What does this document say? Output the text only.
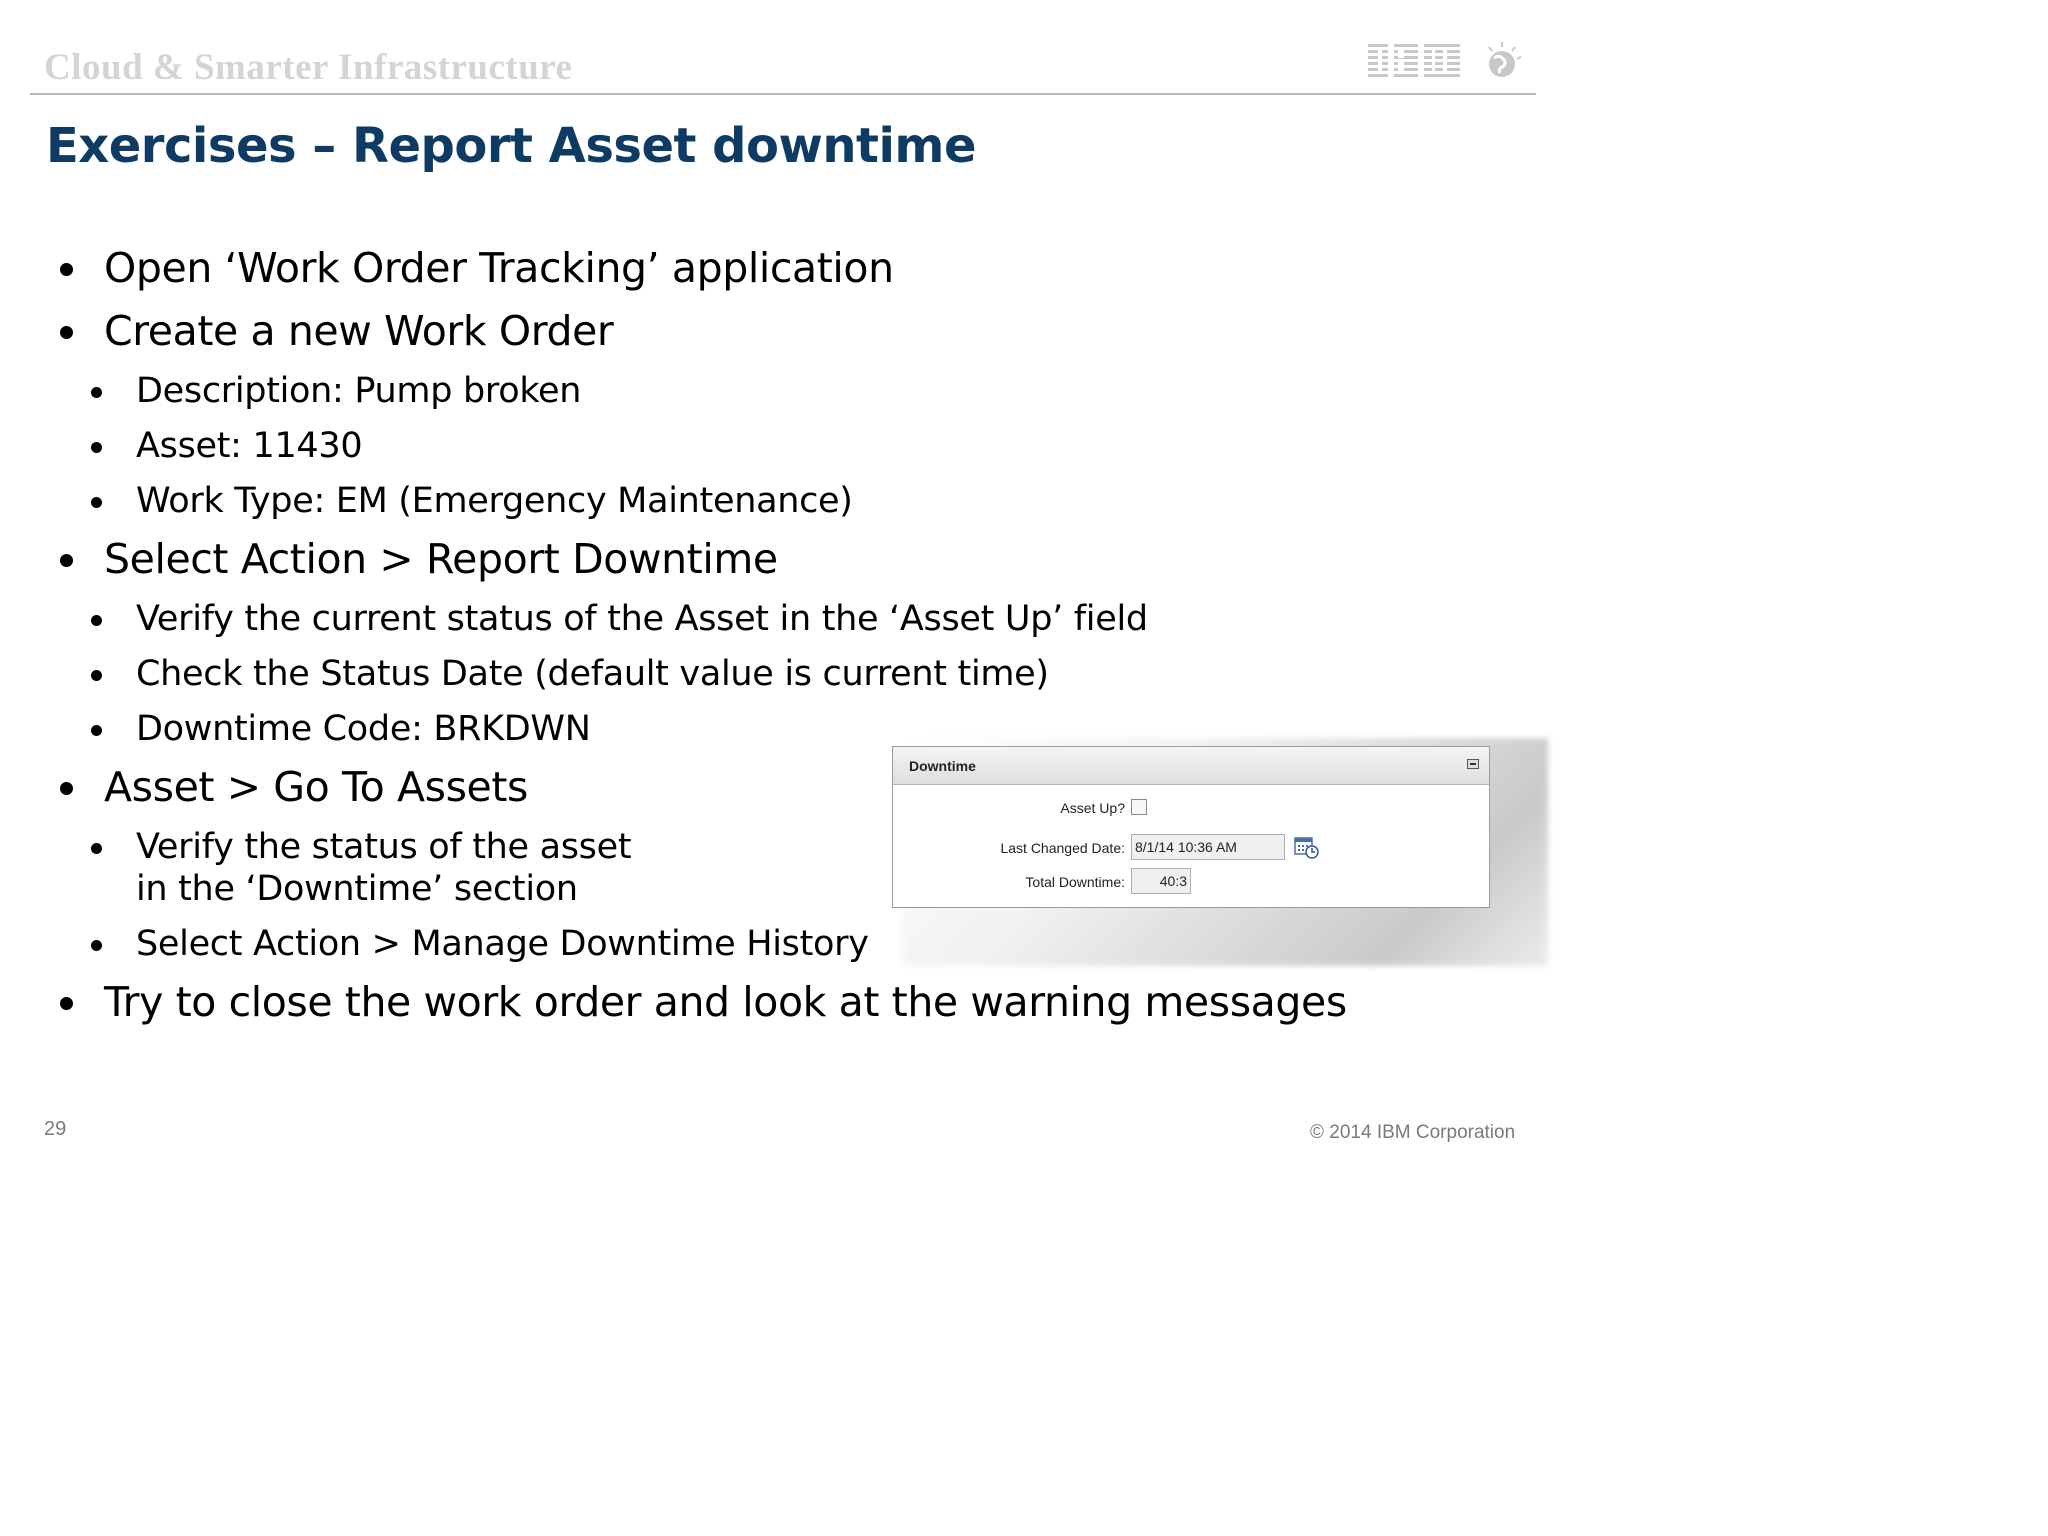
Cloud & Smarter Infrastructure
Exercises – Report Asset downtime
Open ‘Work Order Tracking’ application
Create a new Work Order
Description: Pump broken
Asset: 11430
Work Type: EM (Emergency Maintenance)
Select Action > Report Downtime
Verify the current status of the Asset in the ‘Asset Up’ field
Check the Status Date (default value is current time)
Downtime Code: BRKDWN
Asset > Go To Assets
Verify the status of the asset
in the ‘Downtime’ section
Select Action > Manage Downtime History
Try to close the work order and look at the warning messages
Downtime
Asset Up?
Last Changed Date: 8/1/14 10:36 AM
Total Downtime:	40:3
29	© 2014 IBM Corporation
